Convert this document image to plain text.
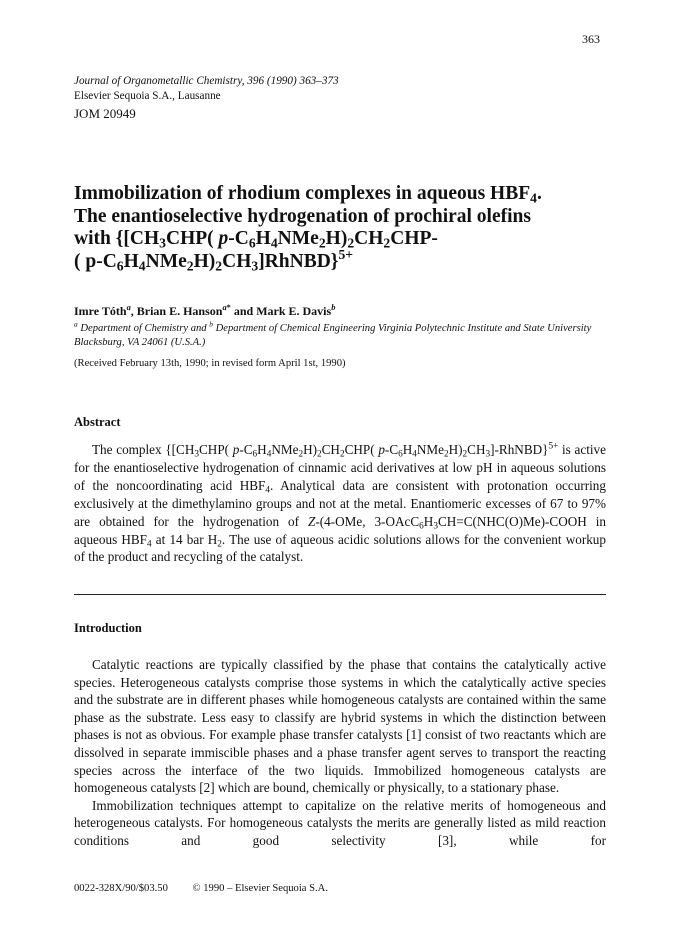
363
Journal of Organometallic Chemistry, 396 (1990) 363–373
Elsevier Sequoia S.A., Lausanne
JOM 20949
Immobilization of rhodium complexes in aqueous $HBF_4$.
The enantioselective hydrogenation of prochiral olefins
with {[$CH_3CHP$( $p-C_6H_4NMe_2H)_2CH_2CHP-$
( $p-C_6H_4NMe_2H)_2CH_3]RhNBD\}^{5+}$
Imre Tóth$^a$, Brian E. Hanson$^{a*}$ and Mark E. Davis$^b$
$^a$ Department of Chemistry and $^b$ Department of Chemical Engineering Virginia Polytechnic Institute and State University Blacksburg, VA 24061 (U.S.A.)
(Received February 13th, 1990; in revised form April 1st, 1990)
Abstract
The complex {[$CH_3CHP$( $p-C_6H_4NMe_2H)_2CH_2CHP$( $p-C_6H_4NMe_2H)_2CH_3]-RhNBD\}^{5+}$ is active for the enantioselective hydrogenation of cinnamic acid derivatives at low pH in aqueous solutions of the noncoordinating acid $HBF_4$. Analytical data are consistent with protonation occurring exclusively at the dimethylamino groups and not at the metal. Enantiomeric excesses of 67 to 97% are obtained for the hydrogenation of Z-(4-OMe, $3-OAcC_6H_3CH=C(NHC(O)Me)$-COOH in aqueous $HBF_4$ at 14 bar $H_2$. The use of aqueous acidic solutions allows for the convenient workup of the product and recycling of the catalyst.
Introduction

Catalytic reactions are typically classified by the phase that contains the catalytically active species. Heterogeneous catalysts comprise those systems in which the catalytically active species and the substrate are in different phases while homogeneous catalysts are contained within the same phase as the substrate. Less easy to classify are hybrid systems in which the distinction between phases is not as obvious. For example phase transfer catalysts [1] consist of two reactants which are dissolved in separate immiscible phases and a phase transfer agent serves to transport the reacting species across the interface of the two liquids. Immobilized homogeneous catalysts are homogeneous catalysts [2] which are bound, chemically or physically, to a stationary phase.

Immobilization techniques attempt to capitalize on the relative merits of homogeneous and heterogeneous catalysts. For homogeneous catalysts the merits are generally listed as mild reaction conditions and good selectivity [3], while for

0022-328X/90/$03.50 © 1990 – Elsevier Sequoia S.A.
